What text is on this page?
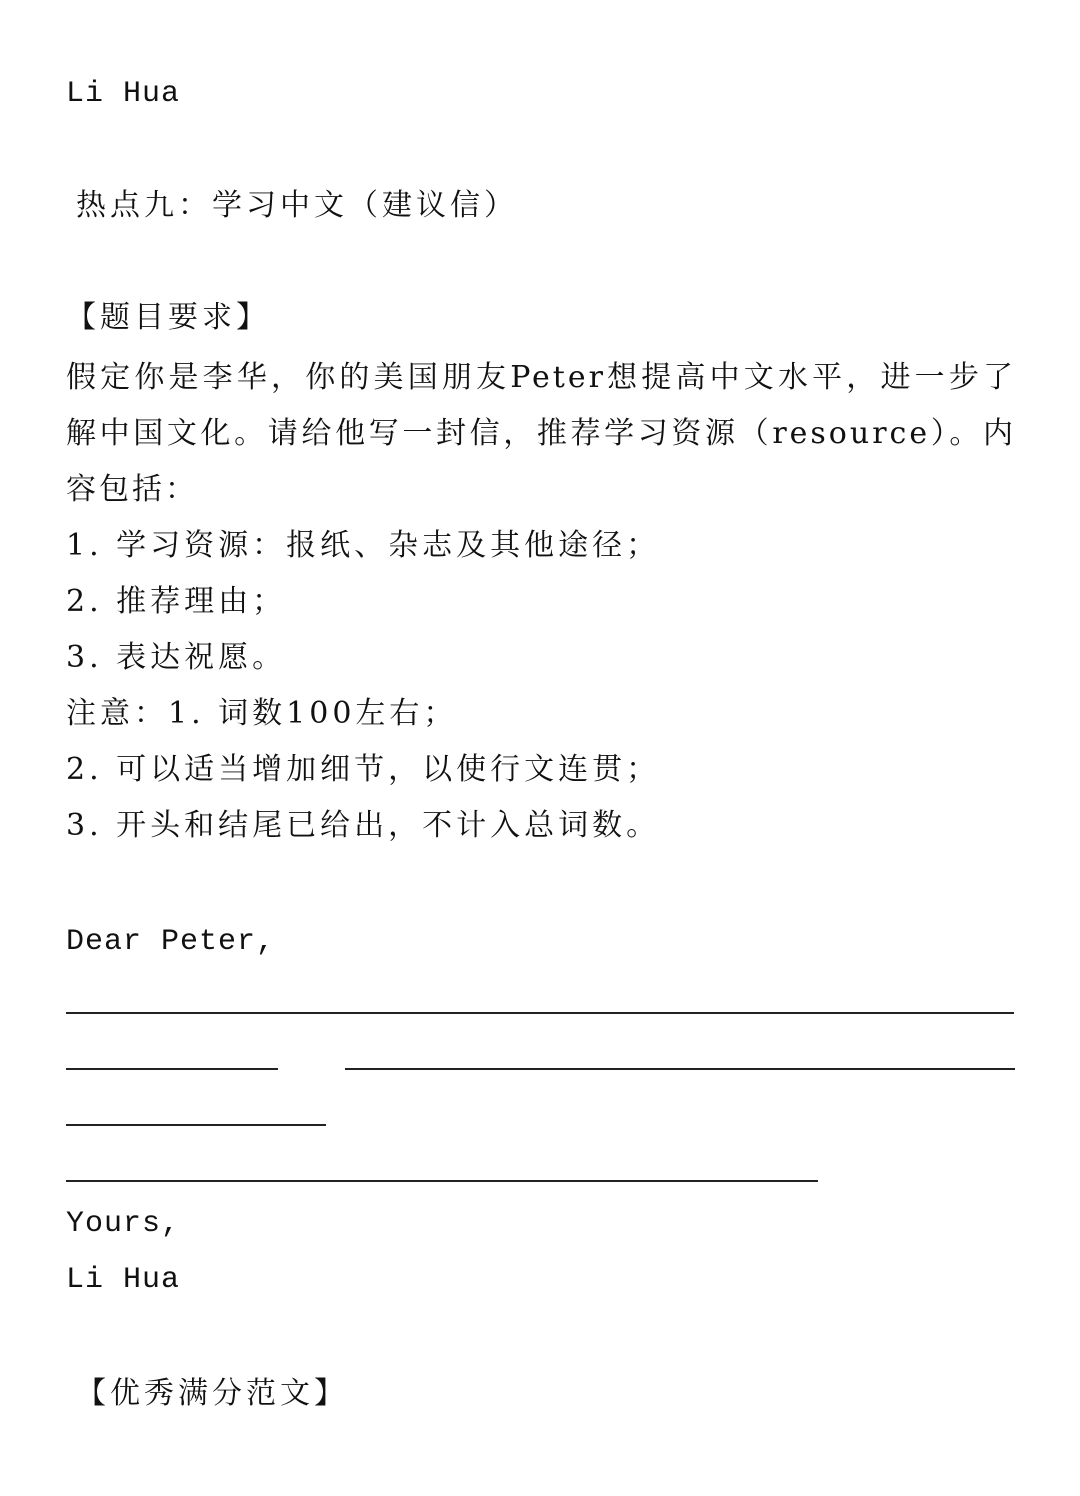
Li Hua
热点九：学习中文（建议信）
【题目要求】
假定你是李华，你的美国朋友Peter想提高中文水平，进一步了解中国文化。请给他写一封信，推荐学习资源（resource）。内容包括：
1. 学习资源：报纸、杂志及其他途径；
2. 推荐理由；
3. 表达祝愿。
注意：1. 词数100左右；
2. 可以适当增加细节，以使行文连贯；
3. 开头和结尾已给出，不计入总词数。
Dear Peter,
Yours,
Li Hua
【优秀满分范文】
